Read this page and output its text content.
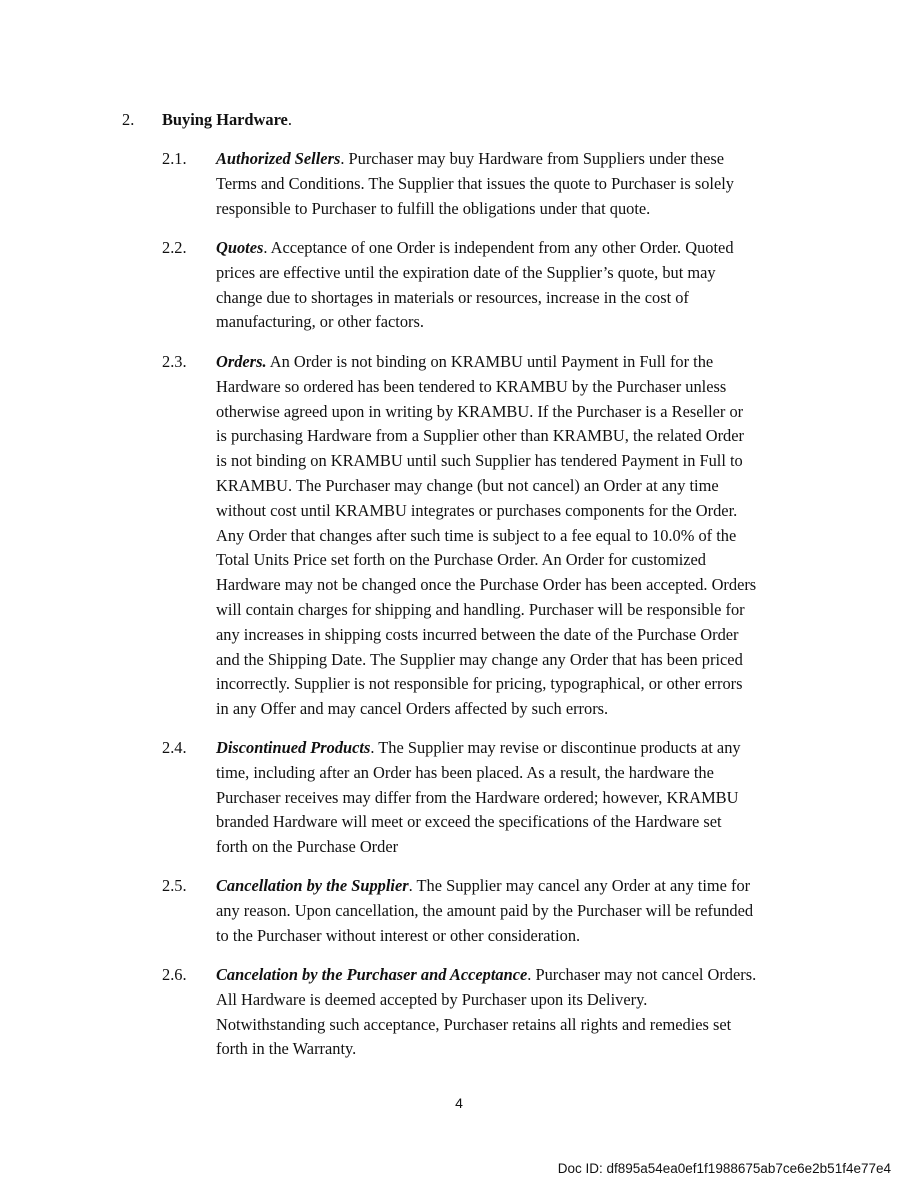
2. Buying Hardware.
2.1.	Authorized Sellers. Purchaser may buy Hardware from Suppliers under these
Terms and Conditions. The Supplier that issues the quote to Purchaser is solely
responsible to Purchaser to fulfill the obligations under that quote.
2.2.	Quotes. Acceptance of one Order is independent from any other Order. Quoted
prices are effective until the expiration date of the Supplier’s quote, but may
change due to shortages in materials or resources, increase in the cost of
manufacturing, or other factors.
2.3.	Orders. An Order is not binding on KRAMBU until Payment in Full for the
Hardware so ordered has been tendered to KRAMBU by the Purchaser unless
otherwise agreed upon in writing by KRAMBU. If the Purchaser is a Reseller or
is purchasing Hardware from a Supplier other than KRAMBU, the related Order
is not binding on KRAMBU until such Supplier has tendered Payment in Full to
KRAMBU. The Purchaser may change (but not cancel) an Order at any time
without cost until KRAMBU integrates or purchases components for the Order.
Any Order that changes after such time is subject to a fee equal to 10.0% of the
Total Units Price set forth on the Purchase Order. An Order for customized
Hardware may not be changed once the Purchase Order has been accepted. Orders
will contain charges for shipping and handling. Purchaser will be responsible for
any increases in shipping costs incurred between the date of the Purchase Order
and the Shipping Date. The Supplier may change any Order that has been priced
incorrectly. Supplier is not responsible for pricing, typographical, or other errors
in any Offer and may cancel Orders affected by such errors.
2.4.	Discontinued Products. The Supplier may revise or discontinue products at any
time, including after an Order has been placed. As a result, the hardware the
Purchaser receives may differ from the Hardware ordered; however, KRAMBU
branded Hardware will meet or exceed the specifications of the Hardware set
forth on the Purchase Order
2.5.	Cancellation by the Supplier. The Supplier may cancel any Order at any time for
any reason. Upon cancellation, the amount paid by the Purchaser will be refunded
to the Purchaser without interest or other consideration.
2.6.	Cancelation by the Purchaser and Acceptance. Purchaser may not cancel Orders.
All Hardware is deemed accepted by Purchaser upon its Delivery.
Notwithstanding such acceptance, Purchaser retains all rights and remedies set
forth in the Warranty.
4
Doc ID: df895a54ea0ef1f1988675ab7ce6e2b51f4e77e4
